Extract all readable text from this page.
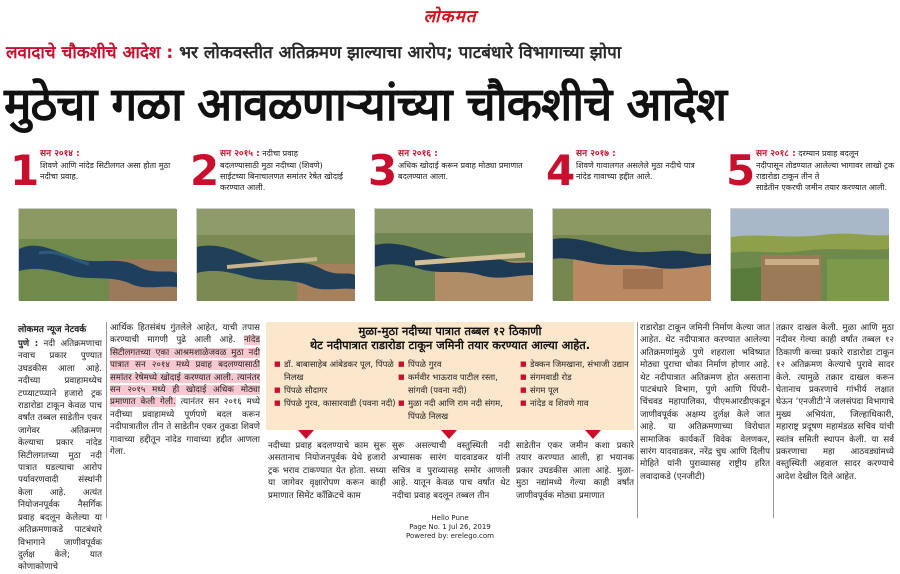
लोकमत
लवादाचे चौकशीचे आदेश : भर लोकवस्तीत अतिक्रमण झाल्याचा आरोप; पाटबंधारे विभागाच्या झोपा
मुठेचा गळा आवळणाऱ्यांच्या चौकशीचे आदेश
1 सन २०१४ :
शिवणे आणि नांदेड सिटीलगत असा होता मुठा
नदीचा प्रवाह.	2 सन २०१५ : नदीचा प्रवाह
बदलण्यासाठी मुठा नदीच्या (शिवणे)
साईटच्या बिनाचालणत समांतर रेषेत खोदाई करण्यात आली.	3 सन २०१६ :
अधिक खोदाई करून प्रवाह मोठ्या प्रमाणात
बदलण्यात आला.	4 सन २०१७ :
शिवणे गावालगत असलेले मुठा नदीचे पात्र
नांदेड गावाच्या हद्दीत आले.	5 सन २०१८ : दरम्यान प्रवाह बदलून
नदीपासून तोडण्यात आलेल्या भागावर लाखो ट्रक राडारोडा टाकून तीन ते
साडेतीन एकरची जमीन तयार करण्यात आली.
लोकमत न्यूज नेटवर्क
पुणे : नदी अतिक्रमणाचा नवाच प्रकार पुण्यात उघडकीस आला आहे. नदीच्या प्रवाहामध्येच टप्प्याटप्प्याने हजारो ट्रक राडारोडा टाकून केवळ पाच वर्षांत तब्बल साडेतीन एकर जागेवर अतिक्रमण केल्याचा प्रकार नांदेड सिटीलगतच्या मुठा नदी पात्रात घडल्याचा आरोप पर्यावरणवादी संस्थांनी केला आहे. अत्यंत नियोजनपूर्वक नैसर्गिक प्रवाह बदलून केलेल्या या अतिक्रमणाकडे पाटबंधारे विभागाने जाणीवपूर्वक दुर्लक्ष केले; यात कोणाकोणाचे
आर्थिक हितसंबंध गुंतलेले आहेत, याची तपास करण्याची मागणी पुढे आली आहे. नांदेड सिटीलगतच्या एका आश्रमशाळेजवळ मुठा नदी पात्रात सन २०१४ मध्ये प्रवाह बदलण्यासाठी समांतर रेषेमध्ये खोदाई करण्यात आली. त्यानंतर सन २०१५ मध्ये ही खोदाई अधिक मोठ्या प्रमाणात केली गेली. त्यानंतर सन २०१६ मध्ये नदीच्या प्रवाहामध्ये पूर्णपणे बदल करून नदीपात्रातील तीन ते साडेतीन एकर तुकडा शिवणे गावाच्या हद्दीतून नांदेड गावाच्या हद्दीत आणला गेला.
मुळा-मुठा नदीच्या पात्रात तब्बल १२ ठिकाणी
थेट नदीपात्रात राडारोडा टाकून जमिनी तयार करण्यात आल्या आहेत.
■ डॉ. बाबासाहेब आंबेडकर पूल, पिंपळे निलख
■ पिंपळे सौदागर
■ पिंपळे गुरव, कासारवाडी (पवना नदी)
■ पिंपळे गुरव
■ कर्मवीर भाऊराव पाटील रस्ता, सांगवी (पवना नदी)
■ मुळा नदी आणि राम नदी संगम, पिंपळे निलख
■ डेक्कन जिमखाना, संभाजी उद्यान
■ संगमवाडी रोड
■ संगम पूल
■ नांदेड व शिवणे गाव
नदीच्या प्रवाह बदलण्याचे काम सुरू असतानाच नियोजनपूर्वक येथे हजारो ट्रक भराव टाकण्यात येत होता. सध्या या जागेवर वृक्षारोपण करून काही प्रमाणात सिमेंट कॉंक्रिटचे काम
सुरू असल्याची वस्तुस्थिती नदी अभ्यासक सारंग यादवाडकर यांनी सचित्र व पुराव्यासह समोर आणली आहे. यातून केवळ पाच वर्षांत थेट नदीचा प्रवाह बदलून तब्बल तीन
साडेतीन एकर जमीन कशा प्रकारे तयार करण्यात आली, हा भयानक प्रकार उघडकीस आला आहे. मुळा-मुठा नद्यांमध्ये गेल्या काही वर्षांत जाणीवपूर्वक मोठ्या प्रमाणात
राडारोडा टाकून जमिनी निर्माण केल्या जात आहेत. थेट नदीपात्रात करण्यात आलेल्या अतिक्रमणांमुळे पुणे शहराला भविष्यात मोठ्या पुराचा धोका निर्माण होणार आहे. थेट नदीपात्रात अतिक्रमण होत असताना पाटबंधारे विभाग, पुणे आणि पिंपरी-चिंचवड महापालिका, पीएमआरडीएकडून जाणीवपूर्वक अक्षम्य दुर्लक्ष केले जात आहे. या अतिक्रमणाच्या विरोधात सामाजिक कार्यकर्ते विवेक वेलणकर, सारंग यादवाडकर, नरेंद्र चुघ आणि दिलीप मोहिते यांनी पुराव्यासह राष्ट्रीय हरित लवादाकडे (एनजीटी)
तक्रार दाखल केली. मुळा आणि मुठा नदीवर गेल्या काही वर्षांत तब्बल १२ ठिकाणी कच्चा प्रकारे राडारोडा टाकून १२ अतिक्रमण केल्याचे पुरावे सादर केले. त्यामुळे तक्रार दाखल करून घेतानाच प्रकरणाचे गांभीर्य लक्षात घेऊन ‘एनजीटी’ने जलसंपदा विभागाचे मुख्य अभियंता, जिल्हाधिकारी, महाराष्ट्र प्रदूषण महामंडळ सचिव यांची स्वतंत्र समिती स्थापन केली. या सर्व प्रकरणाचा महा आठवड्यांमध्ये वस्तुस्थिती अहवाल सादर करण्याचे आदेश देखील दिले आहेत.
Hello Pune
Page No. 1 Jul 26, 2019
Powered by: erelego.com
